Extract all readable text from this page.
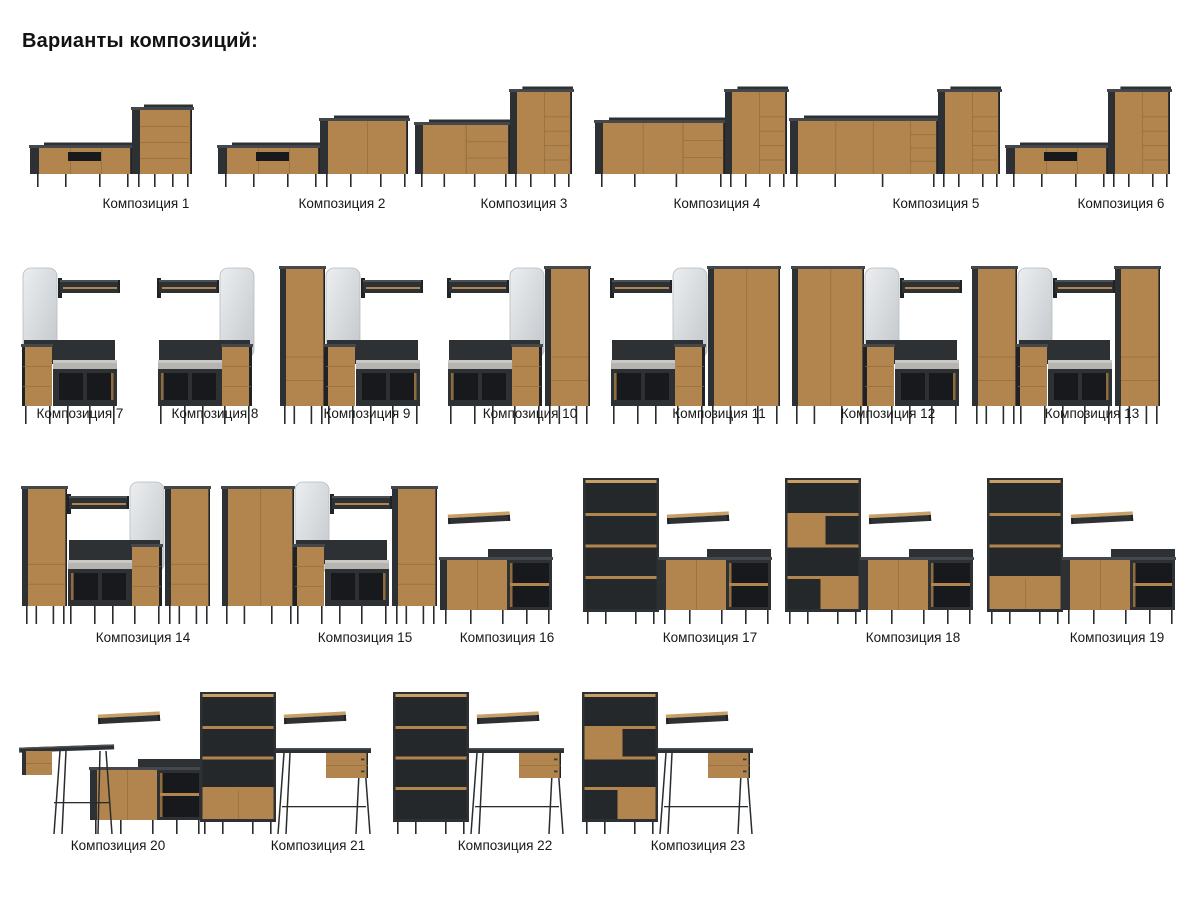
Варианты композиций:
Композиция 1	Композиция 2	Композиция 3	Композиция 4	Композиция 5	Композиция 6
Композиция 7	Композиция 8	Композиция 9	Композиция 10	Композиция 11	Композиция 12	Композиция 13
Композиция 14	Композиция 15	Композиция 16	Композиция 17	Композиция 18	Композиция 19
Композиция 20	Композиция 21	Композиция 22	Композиция 23
